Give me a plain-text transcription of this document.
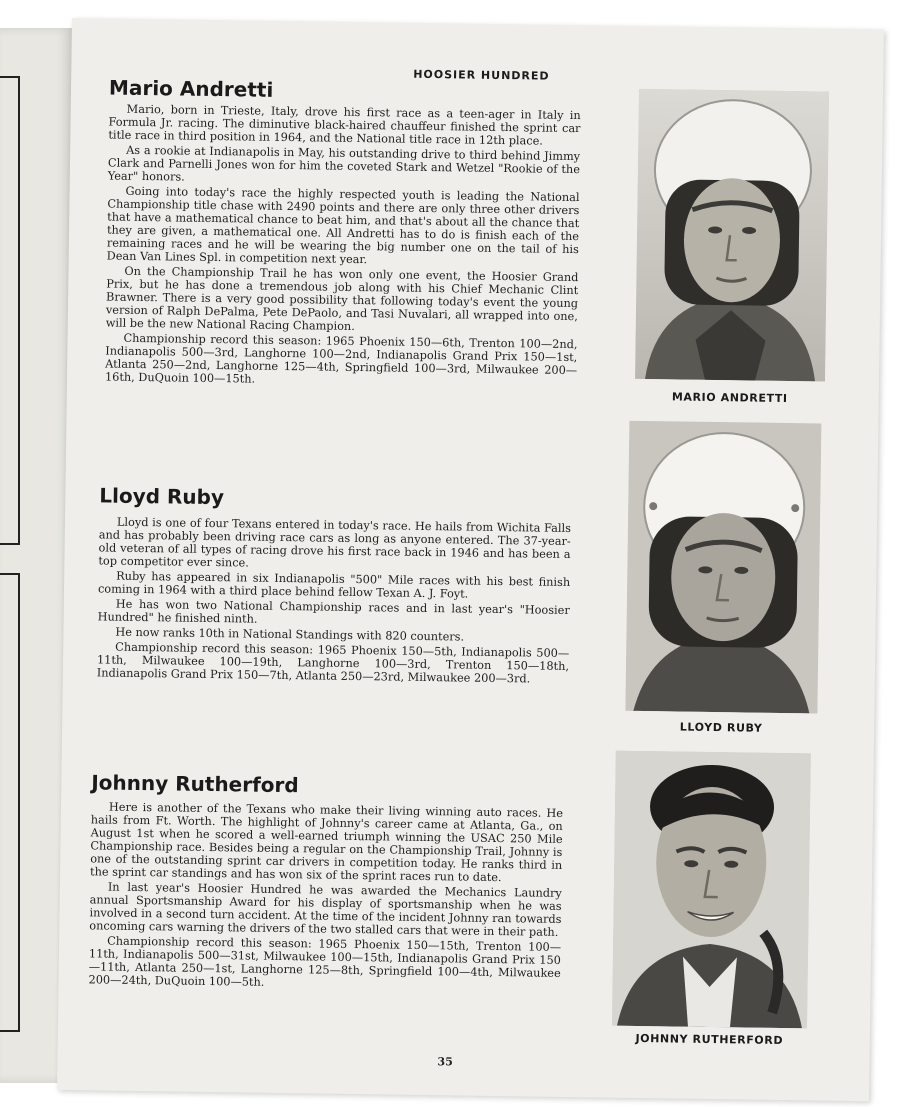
HOOSIER HUNDRED
Mario Andretti

Mario, born in Trieste, Italy, drove his first race as a teen-ager in Italy in Formula Jr. racing. The diminutive black-haired chauffeur finished the sprint car title race in third position in 1964, and the National title race in 12th place.

As a rookie at Indianapolis in May, his outstanding drive to third behind Jimmy Clark and Parnelli Jones won for him the coveted Stark and Wetzel "Rookie of the Year" honors.

Going into today's race the highly respected youth is leading the National Championship title chase with 2490 points and there are only three other drivers that have a mathematical chance to beat him, and that's about all the chance that they are given, a mathematical one. All Andretti has to do is finish each of the remaining races and he will be wearing the big number one on the tail of his Dean Van Lines Spl. in competition next year.

On the Championship Trail he has won only one event, the Hoosier Grand Prix, but he has done a tremendous job along with his Chief Mechanic Clint Brawner. There is a very good possibility that following today's event the young version of Ralph DePalma, Pete DePaolo, and Tasi Nuvalari, all wrapped into one, will be the new National Racing Champion.

Championship record this season: 1965 Phoenix 150—6th, Trenton 100—2nd, Indianapolis 500—3rd, Langhorne 100—2nd, Indianapolis Grand Prix 150—1st, Atlanta 250—2nd, Langhorne 125—4th, Springfield 100—3rd, Milwaukee 200—16th, DuQuoin 100—15th.

MARIO ANDRETTI
Lloyd Ruby

Lloyd is one of four Texans entered in today's race. He hails from Wichita Falls and has probably been driving race cars as long as anyone entered. The 37-year-old veteran of all types of racing drove his first race back in 1946 and has been a top competitor ever since.

Ruby has appeared in six Indianapolis "500" Mile races with his best finish coming in 1964 with a third place behind fellow Texan A. J. Foyt.

He has won two National Championship races and in last year's "Hoosier Hundred" he finished ninth.

He now ranks 10th in National Standings with 820 counters.

Championship record this season: 1965 Phoenix 150—5th, Indianapolis 500—11th, Milwaukee 100—19th, Langhorne 100—3rd, Trenton 150—18th, Indianapolis Grand Prix 150—7th, Atlanta 250—23rd, Milwaukee 200—3rd.

LLOYD RUBY
Johnny Rutherford

Here is another of the Texans who make their living winning auto races. He hails from Ft. Worth. The highlight of Johnny's career came at Atlanta, Ga., on August 1st when he scored a well-earned triumph winning the USAC 250 Mile Championship race. Besides being a regular on the Championship Trail, Johnny is one of the outstanding sprint car drivers in competition today. He ranks third in the sprint car standings and has won six of the sprint races run to date.

In last year's Hoosier Hundred he was awarded the Mechanics Laundry annual Sportsmanship Award for his display of sportsmanship when he was involved in a second turn accident. At the time of the incident Johnny ran towards oncoming cars warning the drivers of the two stalled cars that were in their path.

Championship record this season: 1965 Phoenix 150—15th, Trenton 100—11th, Indianapolis 500—31st, Milwaukee 100—15th, Indianapolis Grand Prix 150—11th, Atlanta 250—1st, Langhorne 125—8th, Springfield 100—4th, Milwaukee 200—24th, DuQuoin 100—5th.

JOHNNY RUTHERFORD
35
